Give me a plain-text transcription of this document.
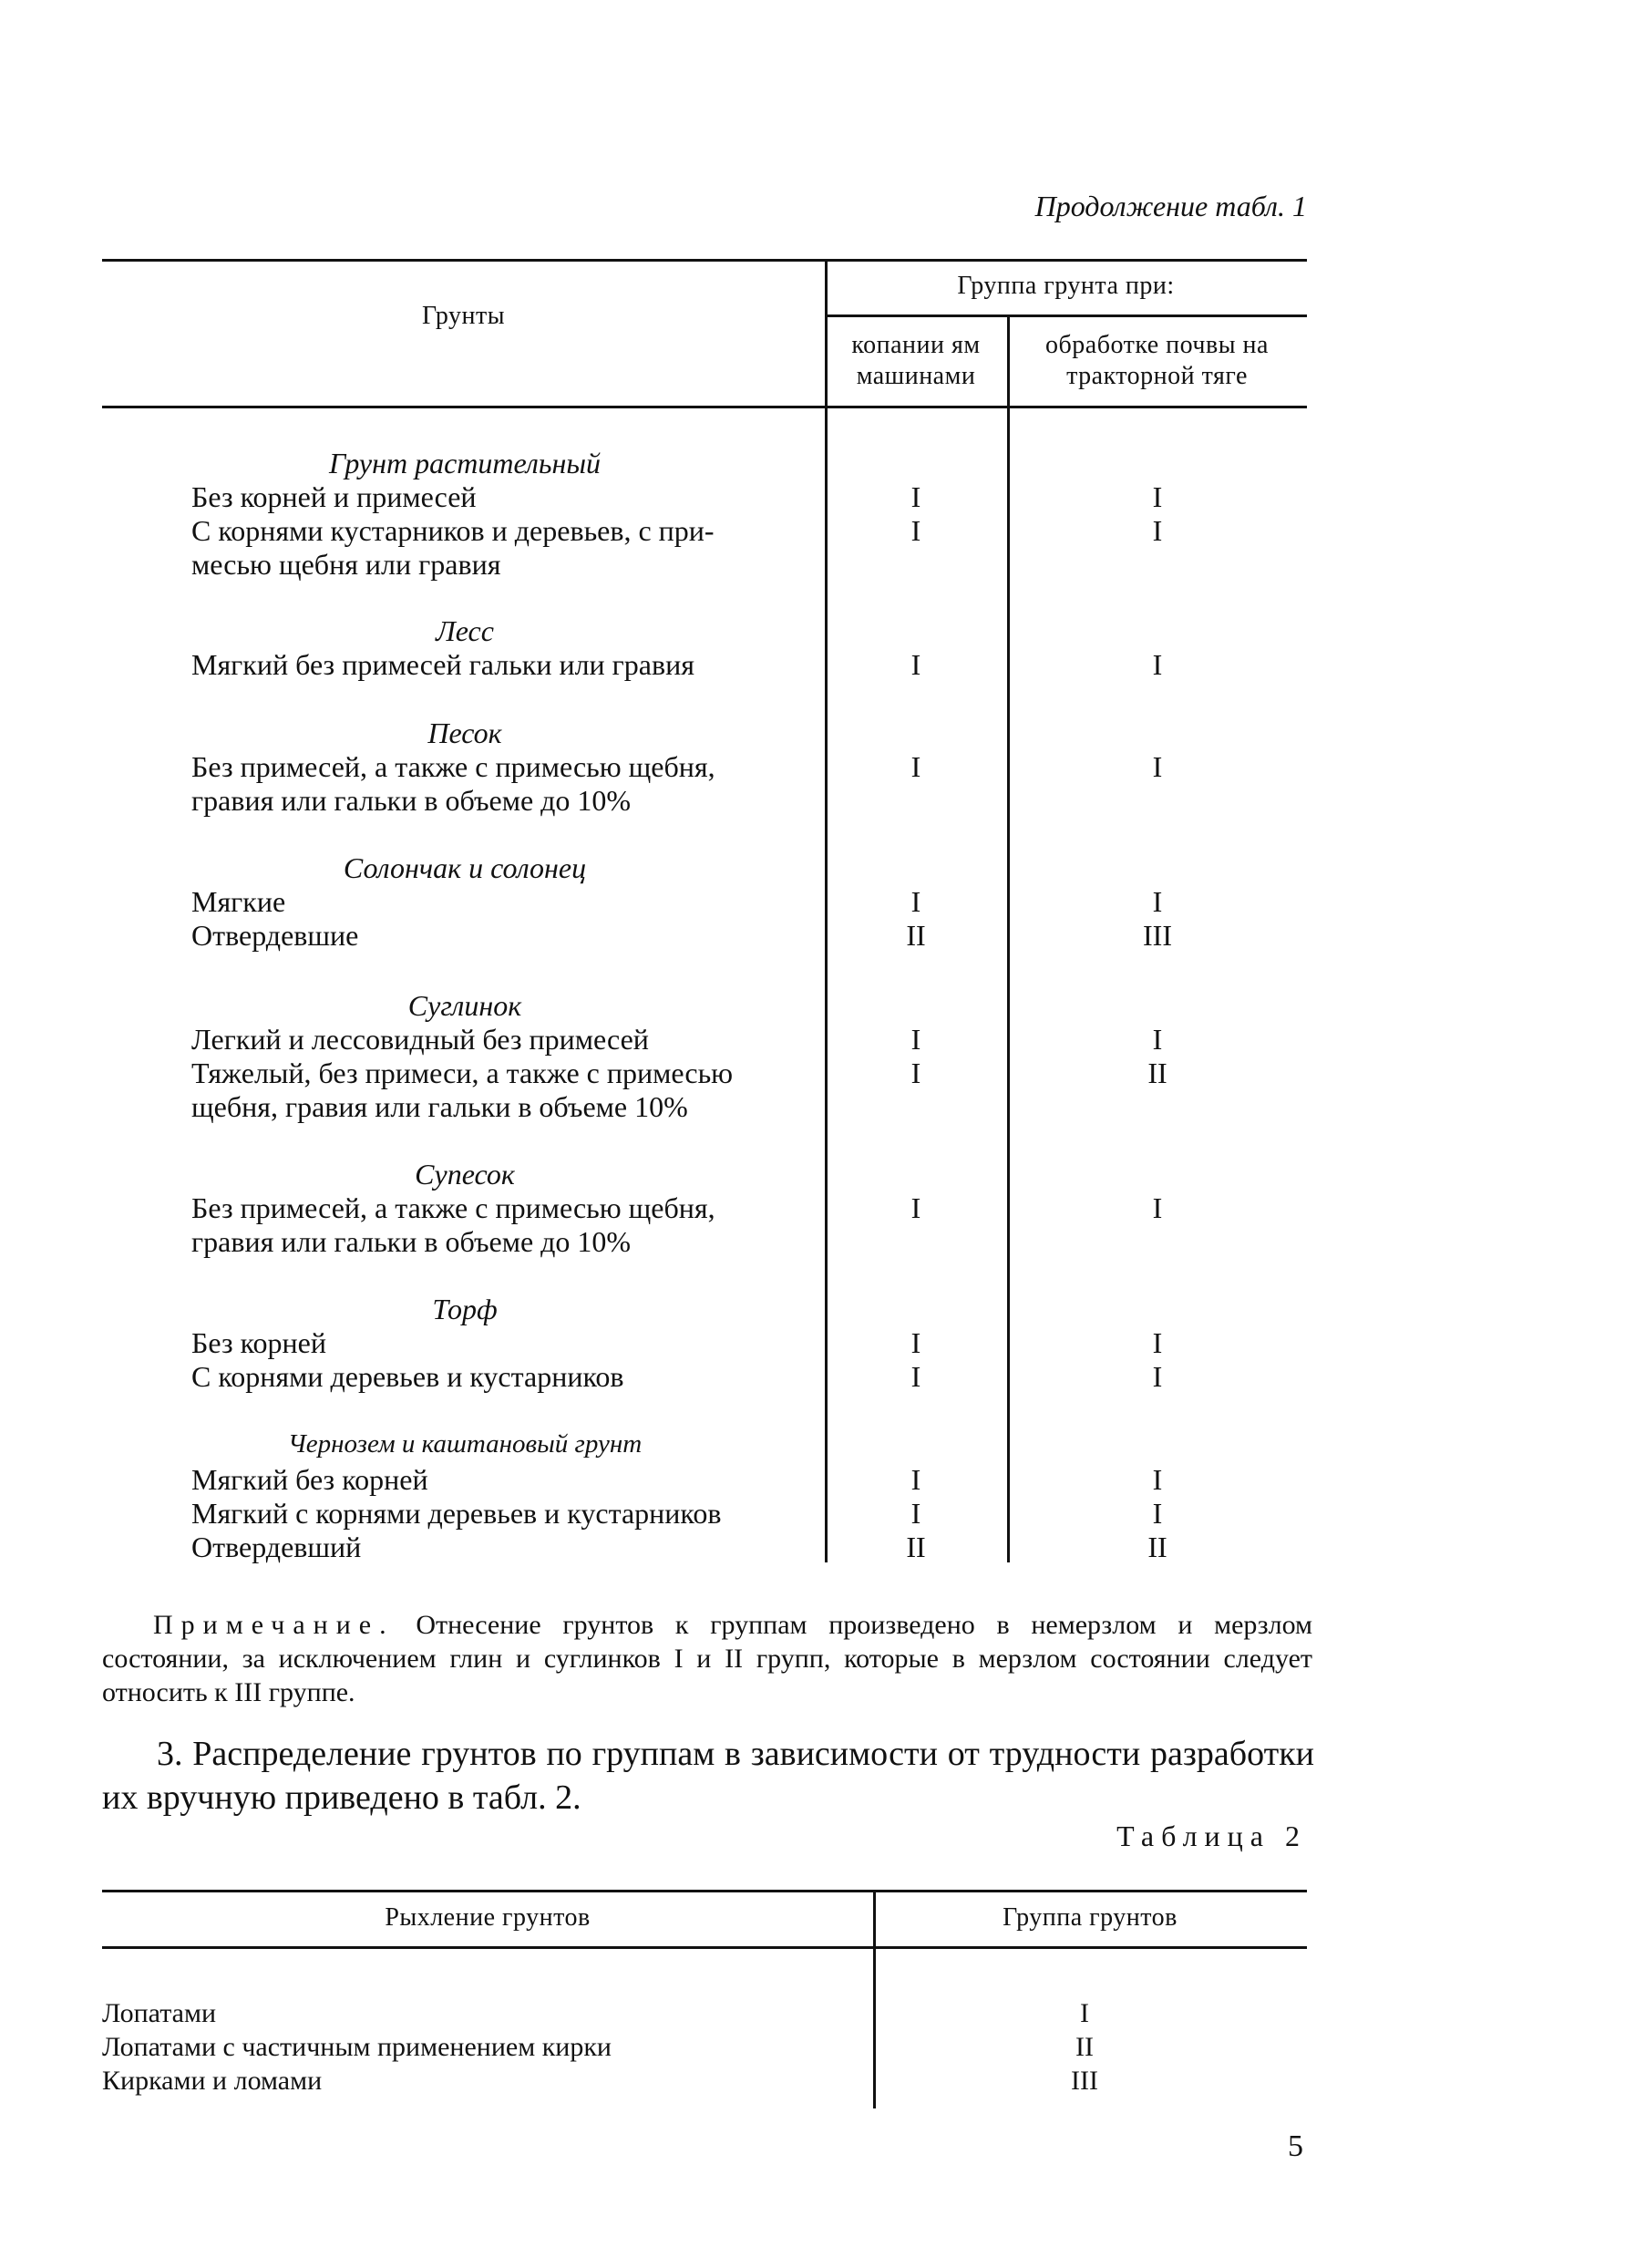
Продолжение табл. 1
Грунты
Группа грунта при:
копании ям
машинами
обработке почвы на
тракторной тяге
Грунт растительный
Без корней и примесей	I	I
С корнями кустарников и деревьев, с при-
месью щебня или гравия
I	I
Лесс
Мягкий без примесей гальки или гравия	I	I
Песок
Без примесей, а также с примесью щебня,
гравия или гальки в объеме до 10%
I	I
Солончак и солонец
Мягкие	I	I
Отвердевшие	II	III
Суглинок
Легкий и лессовидный без примесей	I	I
Тяжелый, без примеси, а также с примесью
щебня, гравия или гальки в объеме 10%
I	II
Супесок
Без примесей, а также с примесью щебня,
гравия или гальки в объеме до 10%
I	I
Торф
Без корней	I	I
С корнями деревьев и кустарников	I	I
Чернозем и каштановый грунт
Мягкий без корней	I	I
Мягкий с корнями деревьев и кустарников	I	I
Отвердевший	II	II
Примечание. Отнесение грунтов к группам произведено в немерзлом и мерзлом состоянии, за исключением глин и суглинков I и II групп, которые в мерзлом состоянии следует относить к III группе.
3. Распределение грунтов по группам в зависимости от трудности разработки их вручную приведено в табл. 2.
Таблица 2
Рыхление грунтов	Группа грунтов
Лопатами	I
Лопатами с частичным применением кирки	II
Кирками и ломами	III
5
